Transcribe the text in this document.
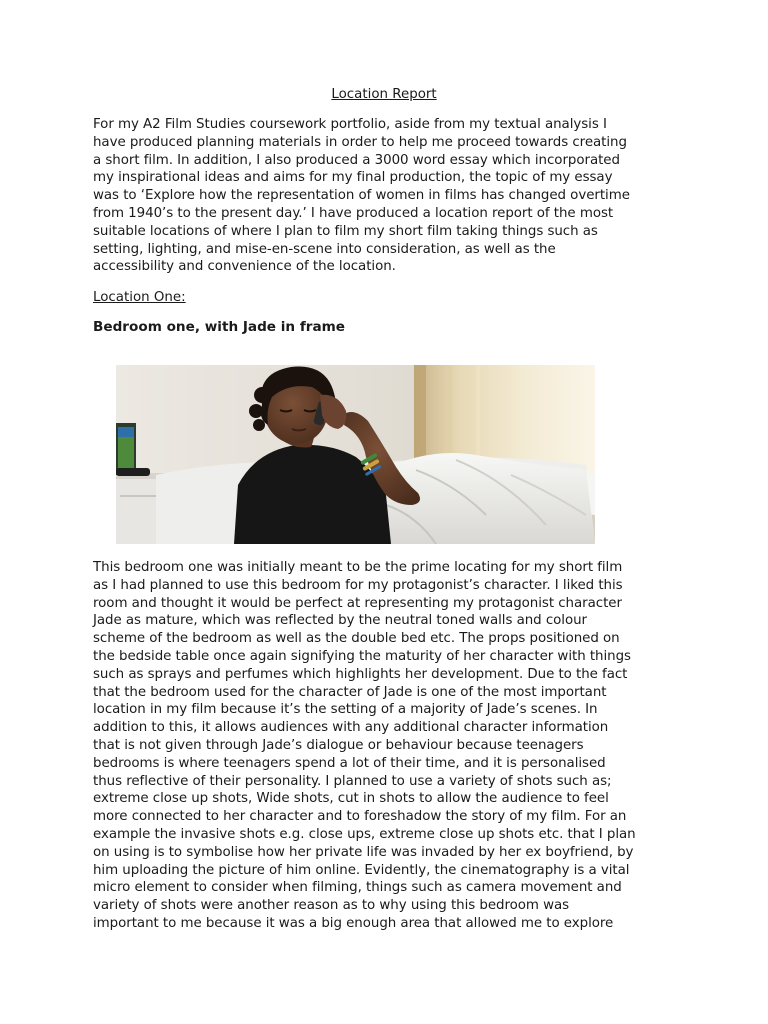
Location Report
For my A2 Film Studies coursework portfolio, aside from my textual analysis I
have produced planning materials in order to help me proceed towards creating
a short film. In addition, I also produced a 3000 word essay which incorporated
my inspirational ideas and aims for my final production, the topic of my essay
was to ‘Explore how the representation of women in films has changed overtime
from 1940’s to the present day.’ I have produced a location report of the most
suitable locations of where I plan to film my short film taking things such as
setting, lighting, and mise-en-scene into consideration, as well as the
accessibility and convenience of the location.
Location One:
Bedroom one, with Jade in frame
This bedroom one was initially meant to be the prime locating for my short film
as I had planned to use this bedroom for my protagonist’s character. I liked this
room and thought it would be perfect at representing my protagonist character
Jade as mature, which was reflected by the neutral toned walls and colour
scheme of the bedroom as well as the double bed etc. The props positioned on
the bedside table once again signifying the maturity of her character with things
such as sprays and perfumes which highlights her development. Due to the fact
that the bedroom used for the character of Jade is one of the most important
location in my film because it’s the setting of a majority of Jade’s scenes. In
addition to this, it allows audiences with any additional character information
that is not given through Jade’s dialogue or behaviour because teenagers
bedrooms is where teenagers spend a lot of their time, and it is personalised
thus reflective of their personality. I planned to use a variety of shots such as;
extreme close up shots, Wide shots, cut in shots to allow the audience to feel
more connected to her character and to foreshadow the story of my film. For an
example the invasive shots e.g. close ups, extreme close up shots etc. that I plan
on using is to symbolise how her private life was invaded by her ex boyfriend, by
him uploading the picture of him online. Evidently, the cinematography is a vital
micro element to consider when filming, things such as camera movement and
variety of shots were another reason as to why using this bedroom was
important to me because it was a big enough area that allowed me to explore
